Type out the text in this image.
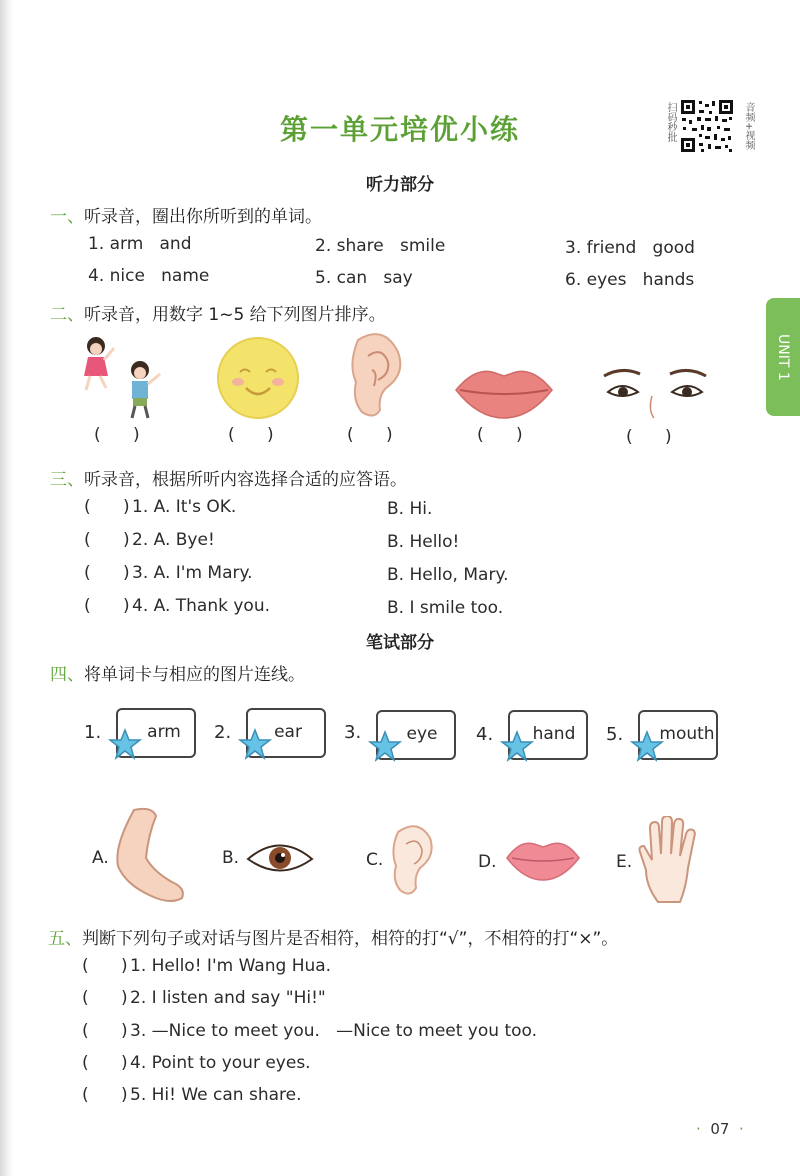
第一单元培优小练	扫码秒批	音频+视频
UNIT 1
听力部分
一、听录音，圈出你所听到的单词。
1. arm   and	2. share   smile	3. friend   good
4. nice   name	5. can   say	6. eyes   hands
二、听录音，用数字 1~5 给下列图片排序。
(      )	(      )	(      )	(      )	(      )
三、听录音，根据所听内容选择合适的应答语。
(      ) 1. A. It's OK.	B. Hi.
(      ) 2. A. Bye!	B. Hello!
(      ) 3. A. I'm Mary.	B. Hello, Mary.
(      ) 4. A. Thank you.	B. I smile too.
笔试部分
四、将单词卡与相应的图片连线。
1.	arm	2.	ear	3.	eye	4.	hand	5. mouth
A.	B.	C.	D.	E.
五、判断下列句子或对话与图片是否相符，相符的打“√”，不相符的打“×”。
(      ) 1. Hello! I'm Wang Hua.
(      ) 2. I listen and say "Hi!"
(      ) 3. —Nice to meet you.   —Nice to meet you too.
(      ) 4. Point to your eyes.
(      ) 5. Hi! We can share.
· 07 ·
